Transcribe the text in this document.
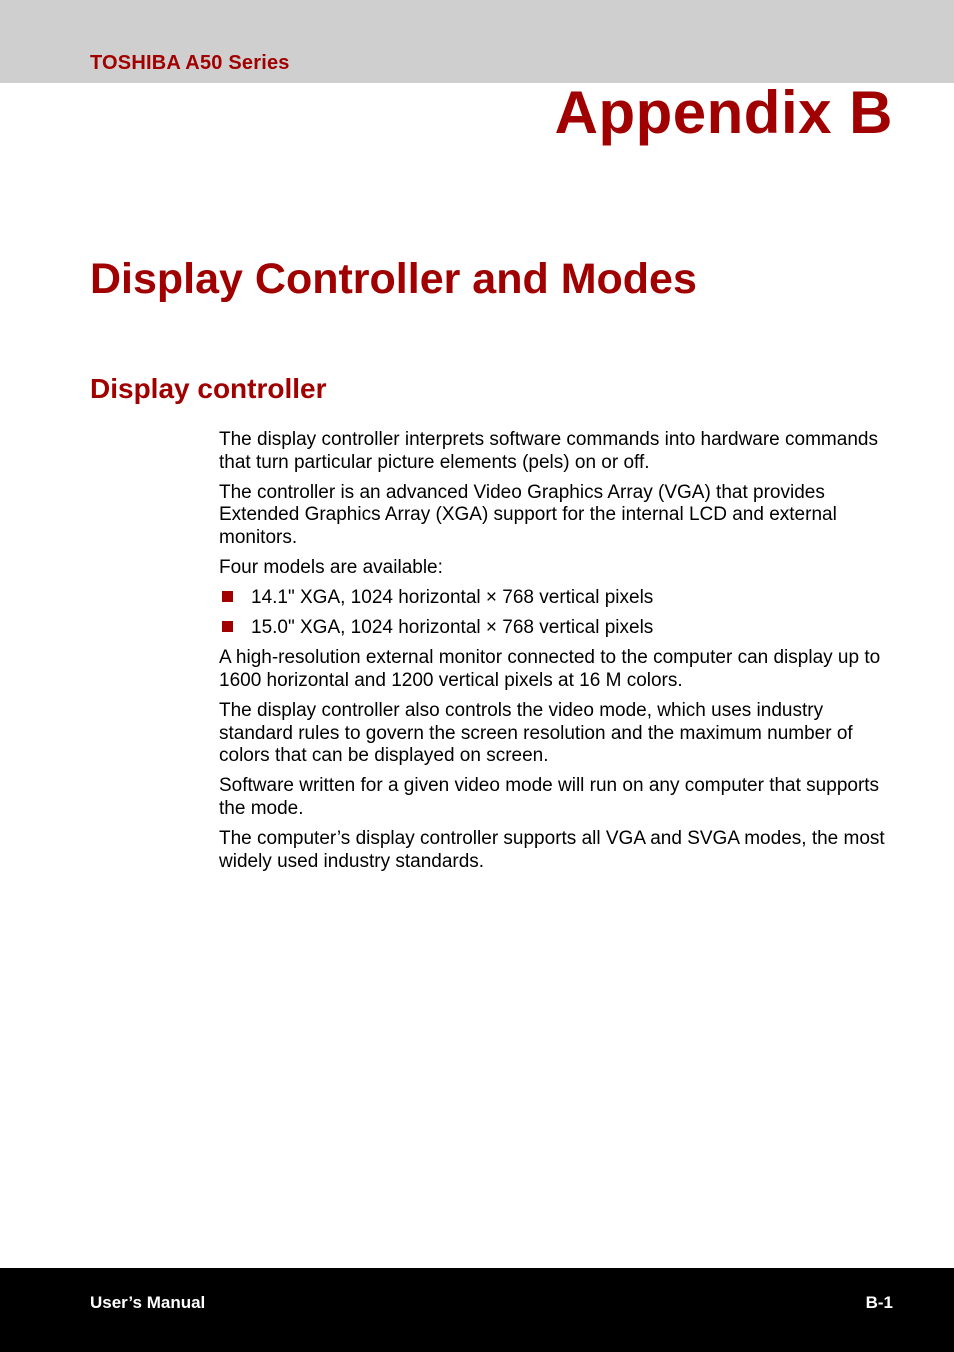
TOSHIBA A50 Series
Appendix B
Display Controller and Modes
Display controller

The display controller interprets software commands into hardware commands that turn particular picture elements (pels) on or off.

The controller is an advanced Video Graphics Array (VGA) that provides Extended Graphics Array (XGA) support for the internal LCD and external monitors.

Four models are available:

14.1" XGA, 1024 horizontal × 768 vertical pixels
15.0" XGA, 1024 horizontal × 768 vertical pixels

A high-resolution external monitor connected to the computer can display up to 1600 horizontal and 1200 vertical pixels at 16 M colors.

The display controller also controls the video mode, which uses industry standard rules to govern the screen resolution and the maximum number of colors that can be displayed on screen.

Software written for a given video mode will run on any computer that supports the mode.

The computer’s display controller supports all VGA and SVGA modes, the most widely used industry standards.

User’s Manual	B-1
